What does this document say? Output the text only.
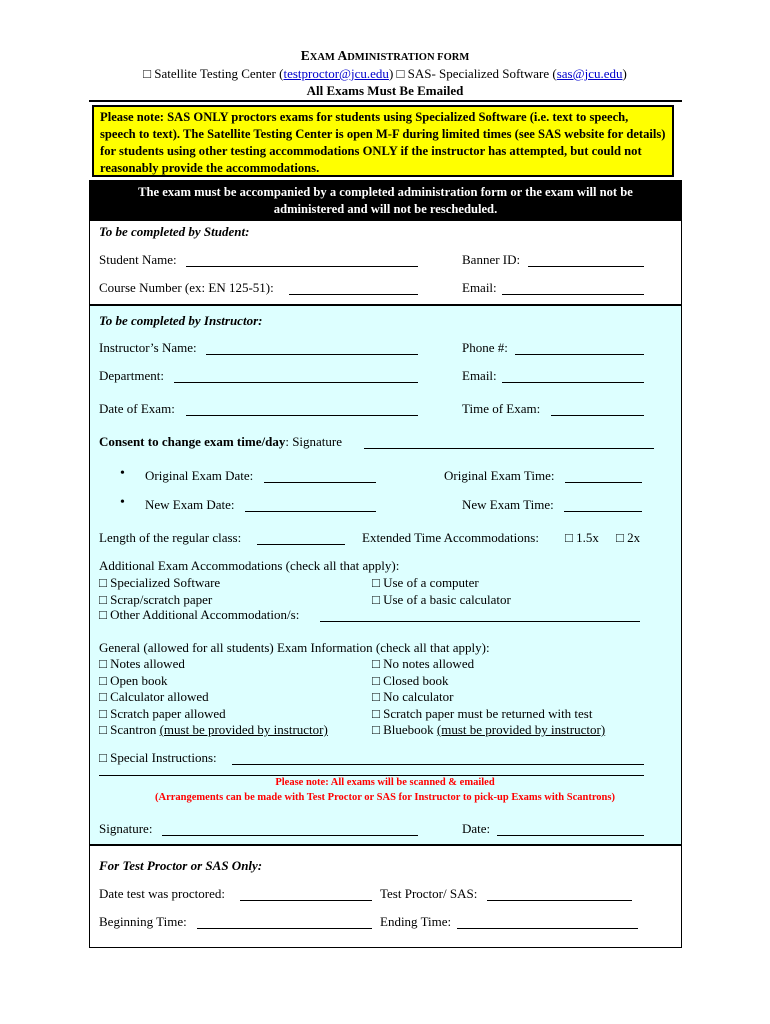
EXAM ADMINISTRATION FORM
□ Satellite Testing Center (testproctor@jcu.edu) □ SAS- Specialized Software (sas@jcu.edu)
All Exams Must Be Emailed
Please note: SAS ONLY proctors exams for students using Specialized Software (i.e. text to speech, speech to text). The Satellite Testing Center is open M-F during limited times (see SAS website for details) for students using other testing accommodations ONLY if the instructor has attempted, but could not reasonably provide the accommodations.
The exam must be accompanied by a completed administration form or the exam will not be
administered and will not be rescheduled.
To be completed by Student:
Student Name:	Banner ID:
Course Number (ex: EN 125-51):	Email:
To be completed by Instructor:
Instructor’s Name:	Phone #:
Department:	Email:
Date of Exam:	Time of Exam:
Consent to change exam time/day: Signature
• Original Exam Date:	Original Exam Time:
• New Exam Date:	New Exam Time:
Length of the regular class:	Extended Time Accommodations: □ 1.5x □ 2x
Additional Exam Accommodations (check all that apply):
□ Specialized Software	□ Use of a computer
□ Scrap/scratch paper	□ Use of a basic calculator
□ Other Additional Accommodation/s:
General (allowed for all students) Exam Information (check all that apply):
□ Notes allowed	□ No notes allowed
□ Open book	□ Closed book
□ Calculator allowed	□ No calculator
□ Scratch paper allowed	□ Scratch paper must be returned with test
□ Scantron (must be provided by instructor)	□ Bluebook (must be provided by instructor)
□ Special Instructions:
Please note: All exams will be scanned & emailed
(Arrangements can be made with Test Proctor or SAS for Instructor to pick-up Exams with Scantrons)
Signature:	Date:
For Test Proctor or SAS Only:
Date test was proctored:	Test Proctor/ SAS:
Beginning Time:	Ending Time:
